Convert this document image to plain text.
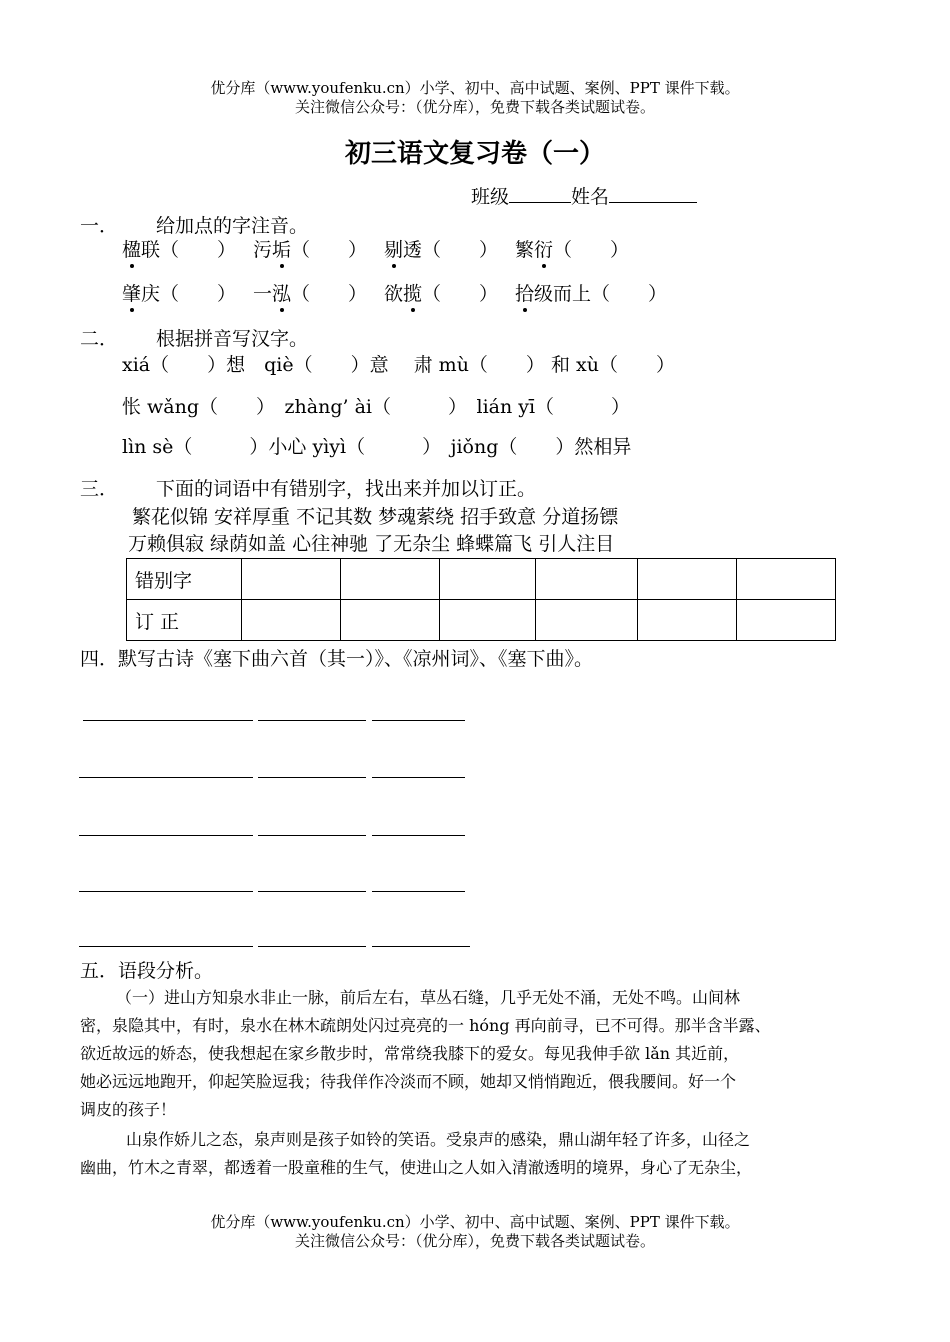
优分库（www.youfenku.cn）小学、初中、高中试题、案例、PPT 课件下载。
关注微信公众号：（优分库），免费下载各类试题试卷。
初三语文复习卷（一）
班级	姓名
一． 给加点的字注音。
楹联（　　） 污垢（　　） 剔透（　　） 繁衍（　　）
肇庆（　　） 一泓（　　） 欲揽（　　） 拾级而上（　　）
二． 根据拼音写汉字。
xiá（　　）想　qiè（　　）意　 肃 mù（　　） 和 xù（　　）
怅 wǎng（　　）　zhàng’ ài（　　　）　lián yī（　　　）
lìn sè（　　　）小心 yìyì（　　　）　jiǒng（　　）然相异
三． 下面的词语中有错别字，找出来并加以订正。
繁花似锦 安祥厚重 不记其数 梦魂萦绕 招手致意 分道扬镖
万赖俱寂 绿荫如盖 心往神驰 了无杂尘 蜂蝶篇飞 引人注目
错别字						
订 正						
四．默写古诗《塞下曲六首（其一）》、《凉州词》、《塞下曲》。
五．语段分析。
（一）进山方知泉水非止一脉，前后左右，草丛石缝，几乎无处不涌，无处不鸣。山间林
密，泉隐其中，有时，泉水在林木疏朗处闪过亮亮的一 hóng 再向前寻，已不可得。那半含半露、
欲近故远的娇态，使我想起在家乡散步时，常常绕我膝下的爱女。每见我伸手欲 lǎn 其近前，
她必远远地跑开，仰起笑脸逗我；待我佯作冷淡而不顾，她却又悄悄跑近，偎我腰间。好一个
调皮的孩子！
山泉作娇儿之态，泉声则是孩子如铃的笑语。受泉声的感染，鼎山湖年轻了许多，山径之
幽曲，竹木之青翠，都透着一股童稚的生气，使进山之人如入清澈透明的境界，身心了无杂尘，
优分库（www.youfenku.cn）小学、初中、高中试题、案例、PPT 课件下载。
关注微信公众号：（优分库），免费下载各类试题试卷。
